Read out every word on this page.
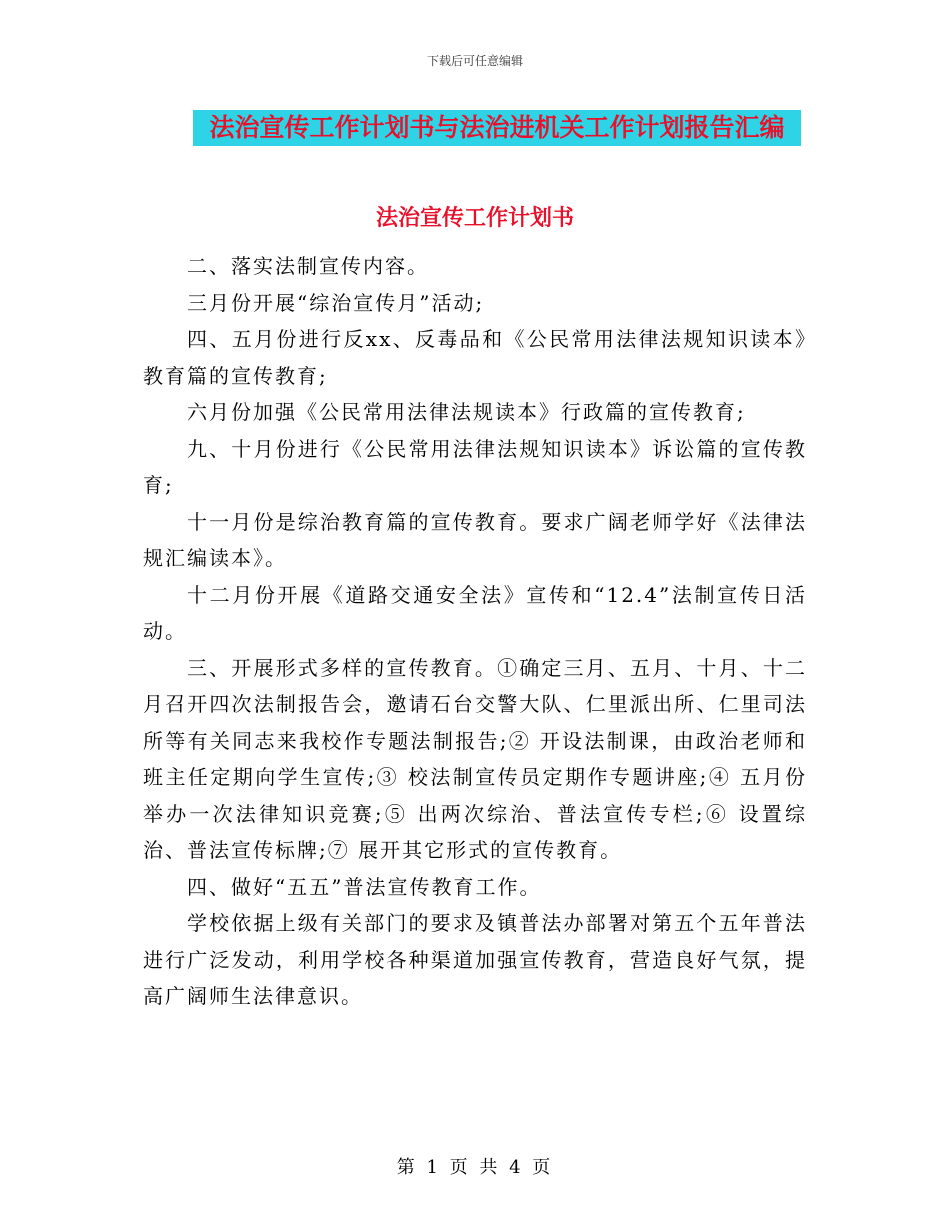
下载后可任意编辑
法治宣传工作计划书与法治进机关工作计划报告汇编
法治宣传工作计划书

二、落实法制宣传内容。

三月份开展“综治宣传月”活动;

四、五月份进行反xx、反毒品和《公民常用法律法规知识读本》教育篇的宣传教育;

六月份加强《公民常用法律法规读本》行政篇的宣传教育;

九、十月份进行《公民常用法律法规知识读本》诉讼篇的宣传教育;

十一月份是综治教育篇的宣传教育。要求广阔老师学好《法律法规汇编读本》。

十二月份开展《道路交通安全法》宣传和“12.4”法制宣传日活动。

三、开展形式多样的宣传教育。①确定三月、五月、十月、十二月召开四次法制报告会，邀请石台交警大队、仁里派出所、仁里司法所等有关同志来我校作专题法制报告;② 开设法制课，由政治老师和班主任定期向学生宣传;③ 校法制宣传员定期作专题讲座;④ 五月份举办一次法律知识竞赛;⑤ 出两次综治、普法宣传专栏;⑥ 设置综治、普法宣传标牌;⑦ 展开其它形式的宣传教育。

四、做好“五五”普法宣传教育工作。

学校依据上级有关部门的要求及镇普法办部署对第五个五年普法进行广泛发动，利用学校各种渠道加强宣传教育，营造良好气氛，提高广阔师生法律意识。

第 1 页 共 4 页
